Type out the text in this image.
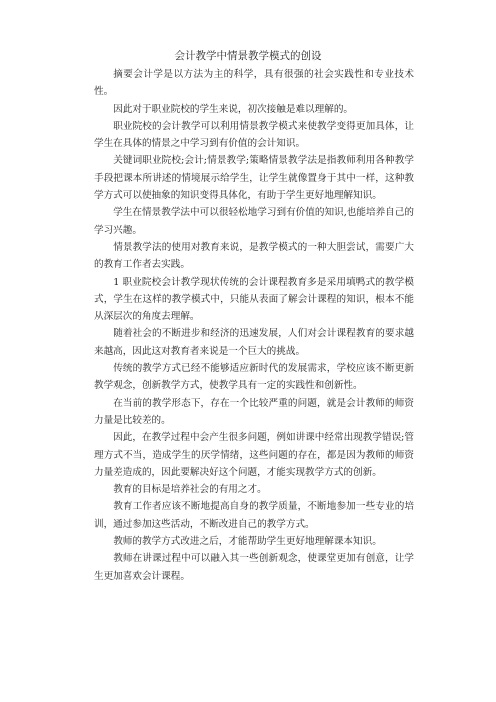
会计教学中情景教学模式的创设

摘要会计学是以方法为主的科学，具有很强的社会实践性和专业技术性。

因此对于职业院校的学生来说，初次接触是难以理解的。

职业院校的会计教学可以利用情景教学模式来使教学变得更加具体，让学生在具体的情景之中学习到有价值的会计知识。

关键词职业院校;会计;情景教学;策略情景教学法是指教师利用各种教学手段把课本所讲述的情境展示给学生，让学生就像置身于其中一样，这种教学方式可以使抽象的知识变得具体化，有助于学生更好地理解知识。

学生在情景教学法中可以很轻松地学习到有价值的知识,也能培养自己的学习兴趣。

情景教学法的使用对教育来说，是教学模式的一种大胆尝试，需要广大的教育工作者去实践。

1 职业院校会计教学现状传统的会计课程教育多是采用填鸭式的教学模式，学生在这样的教学模式中，只能从表面了解会计课程的知识，根本不能从深层次的角度去理解。

随着社会的不断进步和经济的迅速发展，人们对会计课程教育的要求越来越高，因此这对教育者来说是一个巨大的挑战。

传统的教学方式已经不能够适应新时代的发展需求，学校应该不断更新教学观念，创新教学方式，使教学具有一定的实践性和创新性。

在当前的教学形态下，存在一个比较严重的问题，就是会计教师的师资力量是比较差的。

因此，在教学过程中会产生很多问题，例如讲课中经常出现教学错误;管理方式不当，造成学生的厌学情绪，这些问题的存在，都是因为教师的师资力量差造成的，因此要解决好这个问题，才能实现教学方式的创新。

教育的目标是培养社会的有用之才。

教育工作者应该不断地提高自身的教学质量，不断地参加一些专业的培训，通过参加这些活动，不断改进自己的教学方式。

教师的教学方式改进之后，才能帮助学生更好地理解课本知识。

教师在讲课过程中可以融入其一些创新观念，使课堂更加有创意，让学生更加喜欢会计课程。
